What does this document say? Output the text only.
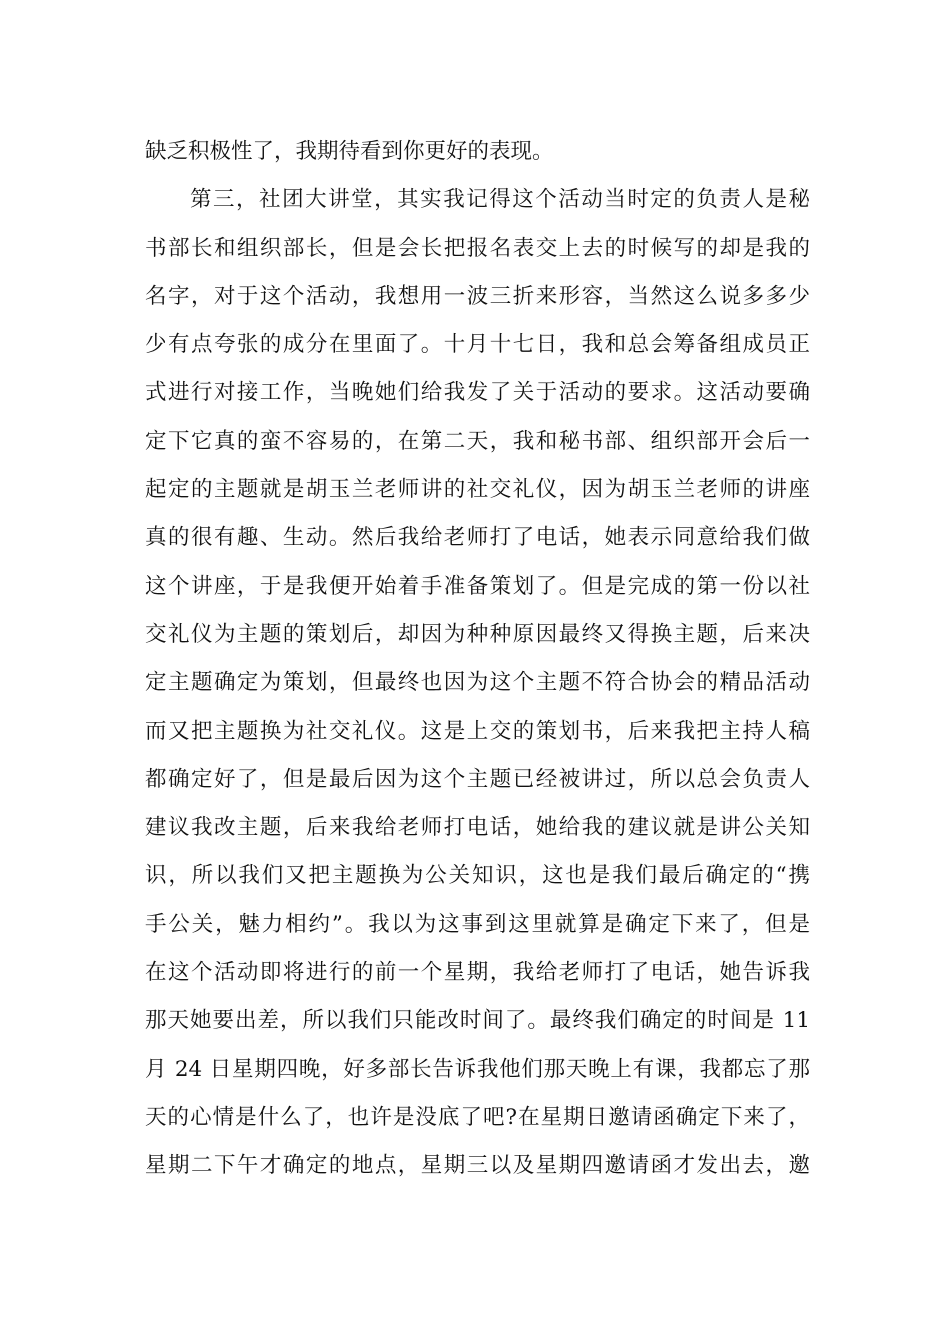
缺乏积极性了，我期待看到你更好的表现。
第三，社团大讲堂，其实我记得这个活动当时定的负责人是秘
书部长和组织部长，但是会长把报名表交上去的时候写的却是我的
名字，对于这个活动，我想用一波三折来形容，当然这么说多多少
少有点夸张的成分在里面了。十月十七日，我和总会筹备组成员正
式进行对接工作，当晚她们给我发了关于活动的要求。这活动要确
定下它真的蛮不容易的，在第二天，我和秘书部、组织部开会后一
起定的主题就是胡玉兰老师讲的社交礼仪，因为胡玉兰老师的讲座
真的很有趣、生动。然后我给老师打了电话，她表示同意给我们做
这个讲座，于是我便开始着手准备策划了。但是完成的第一份以社
交礼仪为主题的策划后，却因为种种原因最终又得换主题，后来决
定主题确定为策划，但最终也因为这个主题不符合协会的精品活动
而又把主题换为社交礼仪。这是上交的策划书，后来我把主持人稿
都确定好了，但是最后因为这个主题已经被讲过，所以总会负责人
建议我改主题，后来我给老师打电话，她给我的建议就是讲公关知
识，所以我们又把主题换为公关知识，这也是我们最后确定的“携
手公关，魅力相约”。我以为这事到这里就算是确定下来了，但是
在这个活动即将进行的前一个星期，我给老师打了电话，她告诉我
那天她要出差，所以我们只能改时间了。最终我们确定的时间是 11
月 24 日星期四晚，好多部长告诉我他们那天晚上有课，我都忘了那
天的心情是什么了，也许是没底了吧?在星期日邀请函确定下来了，
星期二下午才确定的地点，星期三以及星期四邀请函才发出去，邀
